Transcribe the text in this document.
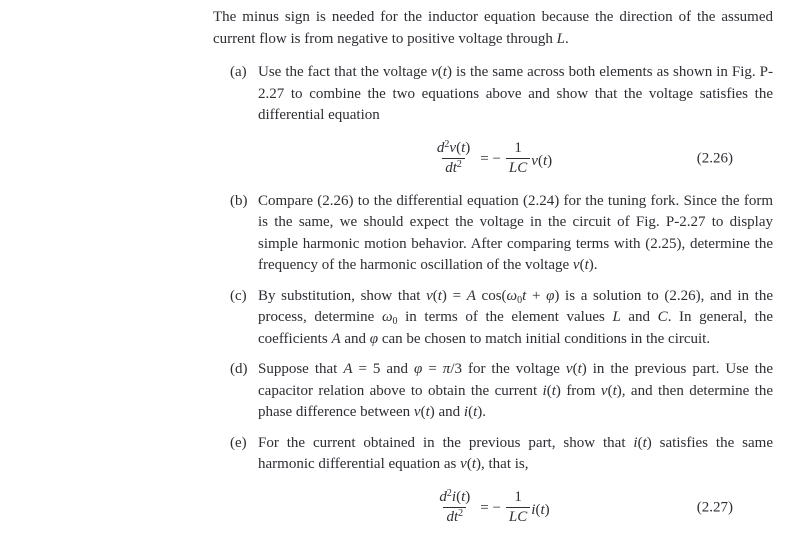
The minus sign is needed for the inductor equation because the direction of the assumed current flow is from negative to positive voltage through L.

(a) Use the fact that the voltage v(t) is the same across both elements as shown in Fig. P-2.27 to combine the two equations above and show that the voltage satisfies the differential equation
$\frac{d^2v(t)}{dt^2}$ = − $\frac{1}{LC} v(t)$	(2.26)
(b) Compare (2.26) to the differential equation (2.24) for the tuning fork. Since the form is the same, we should expect the voltage in the circuit of Fig. P-2.27 to display simple harmonic motion behavior. After comparing terms with (2.25), determine the frequency of the harmonic oscillation of the voltage v(t).
(c) By substitution, show that v(t) = A $\cos(\omega_0t + \varphi)$ is a solution to (2.26), and in the process, determine $\omega_0$ in terms of the element values L and C. In general, the coefficients A and φ can be chosen to match initial conditions in the circuit.
(d) Suppose that A = 5 and φ = π/3 for the voltage v(t) in the previous part. Use the capacitor relation above to obtain the current i(t) from v(t), and then determine the phase difference between v(t) and i(t).
(e) For the current obtained in the previous part, show that i(t) satisfies the same harmonic differential equation as v(t), that is,
$\frac{d^2i(t)}{dt^2}$ = − $\frac{1}{LC} i(t)$	(2.27)
